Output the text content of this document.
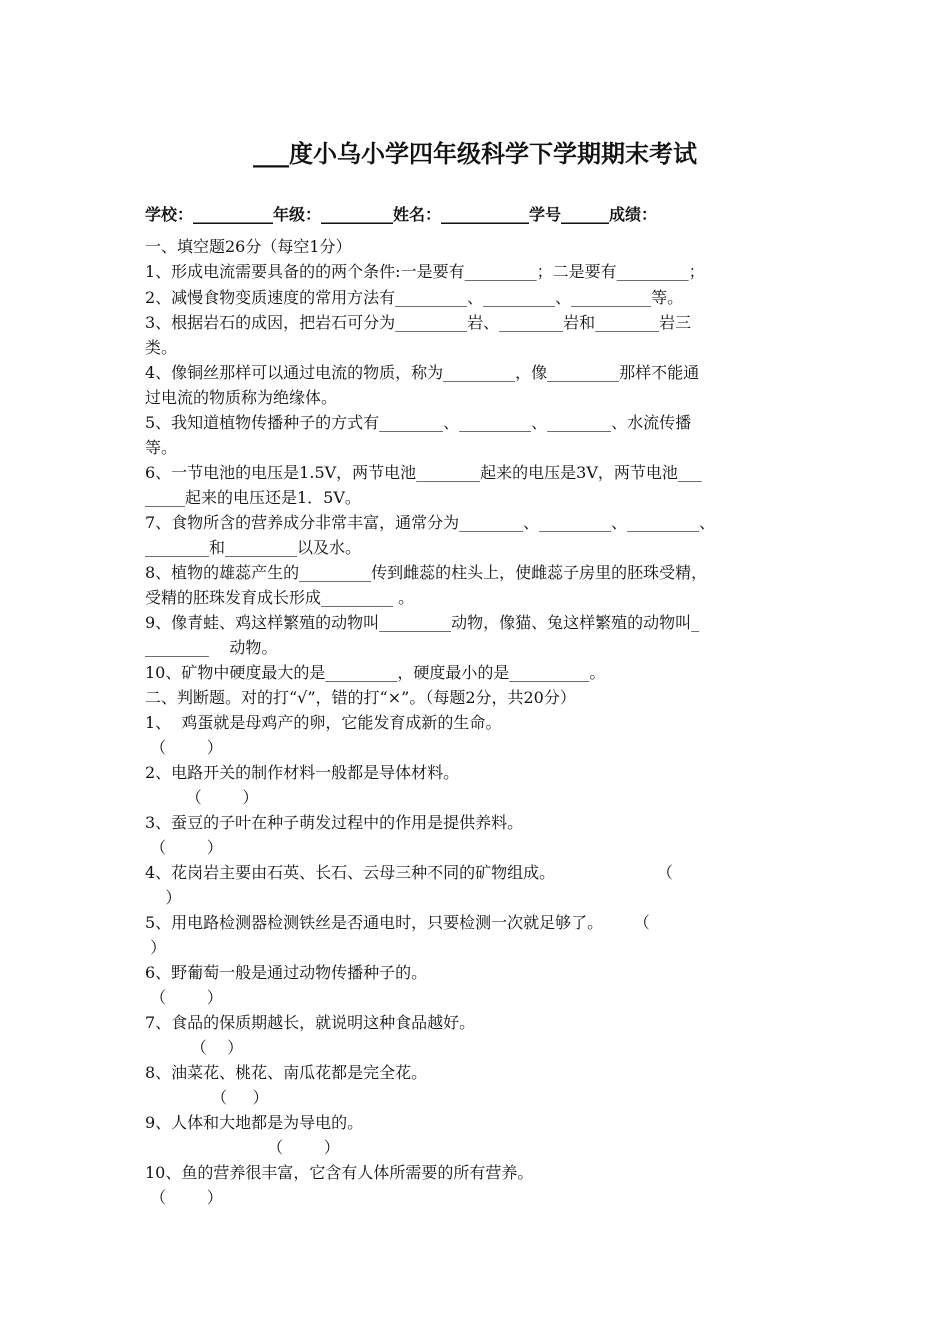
___度小乌小学四年级科学下学期期末考试
学校：__________年级：_________姓名：___________学号______成绩：
一、填空题26分（每空1分）
1、形成电流需要具备的的两个条件:一是要有_________；二是要有_________；
2、减慢食物变质速度的常用方法有_________、_________、__________等。
3、根据岩石的成因，把岩石可分为_________岩、________岩和________岩三
类。
4、像铜丝那样可以通过电流的物质，称为_________，像_________那样不能通
过电流的物质称为绝缘体。
5、我知道植物传播种子的方式有________、_________、________、水流传播
等。
6、一节电池的电压是1.5V，两节电池________起来的电压是3V，两节电池___
_____起来的电压还是1．5V。
7、食物所含的营养成分非常丰富，通常分为________、_________、_________、
________和_________以及水。
8、植物的雄蕊产生的_________传到雌蕊的柱头上，使雌蕊子房里的胚珠受精，
受精的胚珠发育成长形成_________ 。
9、像青蛙、鸡这样繁殖的动物叫_________动物，像猫、兔这样繁殖的动物叫_
________    动物。
10、矿物中硬度最大的是_________，硬度最小的是__________。
二、判断题。对的打“√”，错的打“×”。（每题2分，共20分）
1、  鸡蛋就是母鸡产的卵，它能发育成新的生命。
（        ）
2、电路开关的制作材料一般都是导体材料。
（        ）
3、蚕豆的子叶在种子萌发过程中的作用是提供养料。
（        ）
4、花岗岩主要由石英、长石、云母三种不同的矿物组成。                    （
）
5、用电路检测器检测铁丝是否通电时，只要检测一次就足够了。      （
）
6、野葡萄一般是通过动物传播种子的。
（        ）
7、食品的保质期越长，就说明这种食品越好。
（    ）
8、油菜花、桃花、南瓜花都是完全花。
（     ）
9、人体和大地都是为导电的。
（        ）
10、鱼的营养很丰富，它含有人体所需要的所有营养。
（        ）
